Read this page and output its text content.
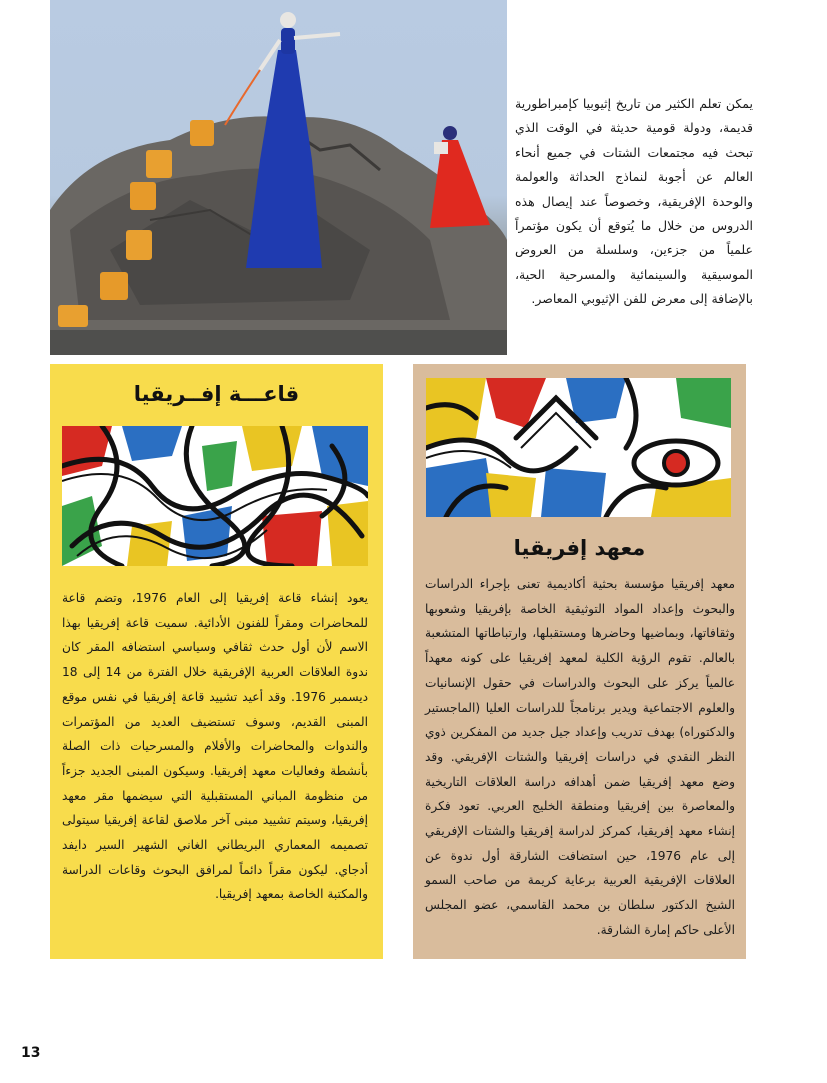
يمكن تعلم الكثير من تاريخ إثيوبيا كإمبراطورية قديمة، ودولة قومية حديثة في الوقت الذي تبحث فيه مجتمعات الشتات في جميع أنحاء العالم عن أجوبة لنماذج الحداثة والعولمة والوحدة الإفريقية، وخصوصاً عند إيصال هذه الدروس من خلال ما يُتوقع أن يكون مؤتمراً علمياً من جزءين، وسلسلة من العروض الموسيقية والسينمائية والمسرحية الحية، بالإضافة إلى معرض للفن الإثيوبي المعاصر.
قاعـــة إفــريقيا
يعود إنشاء قاعة إفريقيا إلى العام 1976، وتضم قاعة للمحاضرات ومقراً للفنون الأدائية. سميت قاعة إفريقيا بهذا الاسم لأن أول حدث ثقافي وسياسي استضافه المقر كان ندوة العلاقات العربية الإفريقية خلال الفترة من 14 إلى 18 ديسمبر 1976. وقد أعيد تشييد قاعة إفريقيا في نفس موقع المبنى القديم، وسوف تستضيف العديد من المؤتمرات والندوات والمحاضرات والأفلام والمسرحيات ذات الصلة بأنشطة وفعاليات معهد إفريقيا. وسيكون المبنى الجديد جزءاً من منظومة المباني المستقبلية التي سيضمها مقر معهد إفريقيا، وسيتم تشييد مبنى آخر ملاصق لقاعة إفريقيا سيتولى تصميمه المعماري البريطاني الغاني الشهير السير دايفد أدجاي. ليكون مقراً دائماً لمرافق البحوث وقاعات الدراسة والمكتبة الخاصة بمعهد إفريقيا.
معهد إفريقيا
معهد إفريقيا مؤسسة بحثية أكاديمية تعنى بإجراء الدراسات والبحوث وإعداد المواد التوثيقية الخاصة بإفريقيا وشعوبها وثقافاتها، وبماضيها وحاضرها ومستقبلها، وارتباطاتها المتشعبة بالعالم. تقوم الرؤية الكلية لمعهد إفريقيا على كونه معهداً عالمياً يركز على البحوث والدراسات في حقول الإنسانيات والعلوم الاجتماعية ويدير برنامجاً للدراسات العليا (الماجستير والدكتوراه) بهدف تدريب وإعداد جيل جديد من المفكرين ذوي النظر النقدي في دراسات إفريقيا والشتات الإفريقي. وقد وضع معهد إفريقيا ضمن أهدافه دراسة العلاقات التاريخية والمعاصرة بين إفريقيا ومنطقة الخليج العربي. تعود فكرة إنشاء معهد إفريقيا، كمركز لدراسة إفريقيا والشتات الإفريقي إلى عام 1976، حين استضافت الشارقة أول ندوة عن العلاقات الإفريقية العربية برعاية كريمة من صاحب السمو الشيخ الدكتور سلطان بن محمد القاسمي، عضو المجلس الأعلى حاكم إمارة الشارقة.
13
